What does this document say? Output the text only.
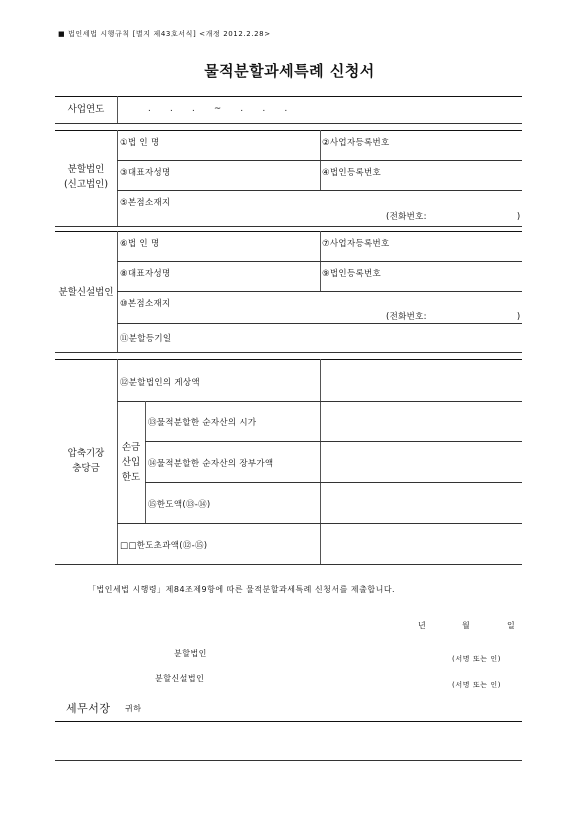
■ 법인세법 시행규칙 [별지 제43호서식] <개정 2012.2.28>
물적분할과세특례 신청서
사업연도	. . . ~ . . .
분할법인
(신고법인)
①법 인 명	②사업자등록번호
③대표자성명	④법인등록번호
⑤본점소재지
(전화번호:                              )
분할신설법인
⑥법 인 명	⑦사업자등록번호
⑧대표자성명	⑨법인등록번호
⑩본점소재지
(전화번호:                              )
⑪분할등기일
압축기장
충당금
⑫분할법인의 게상액
손금
산입
한도
⑬물적분할한 순자산의 시가
⑭물적분할한 순자산의 장부가액
⑮한도액(⑬-⑭)
□□한도초과액(⑫-⑮)
「법인세법 시행령」제84조제9항에 따른 물적분할과세특례 신청서를 제출합니다.
년	월	일
분할법인
(서명 또는 인)
분할신설법인
(서명 또는 인)
세무서장 귀하
